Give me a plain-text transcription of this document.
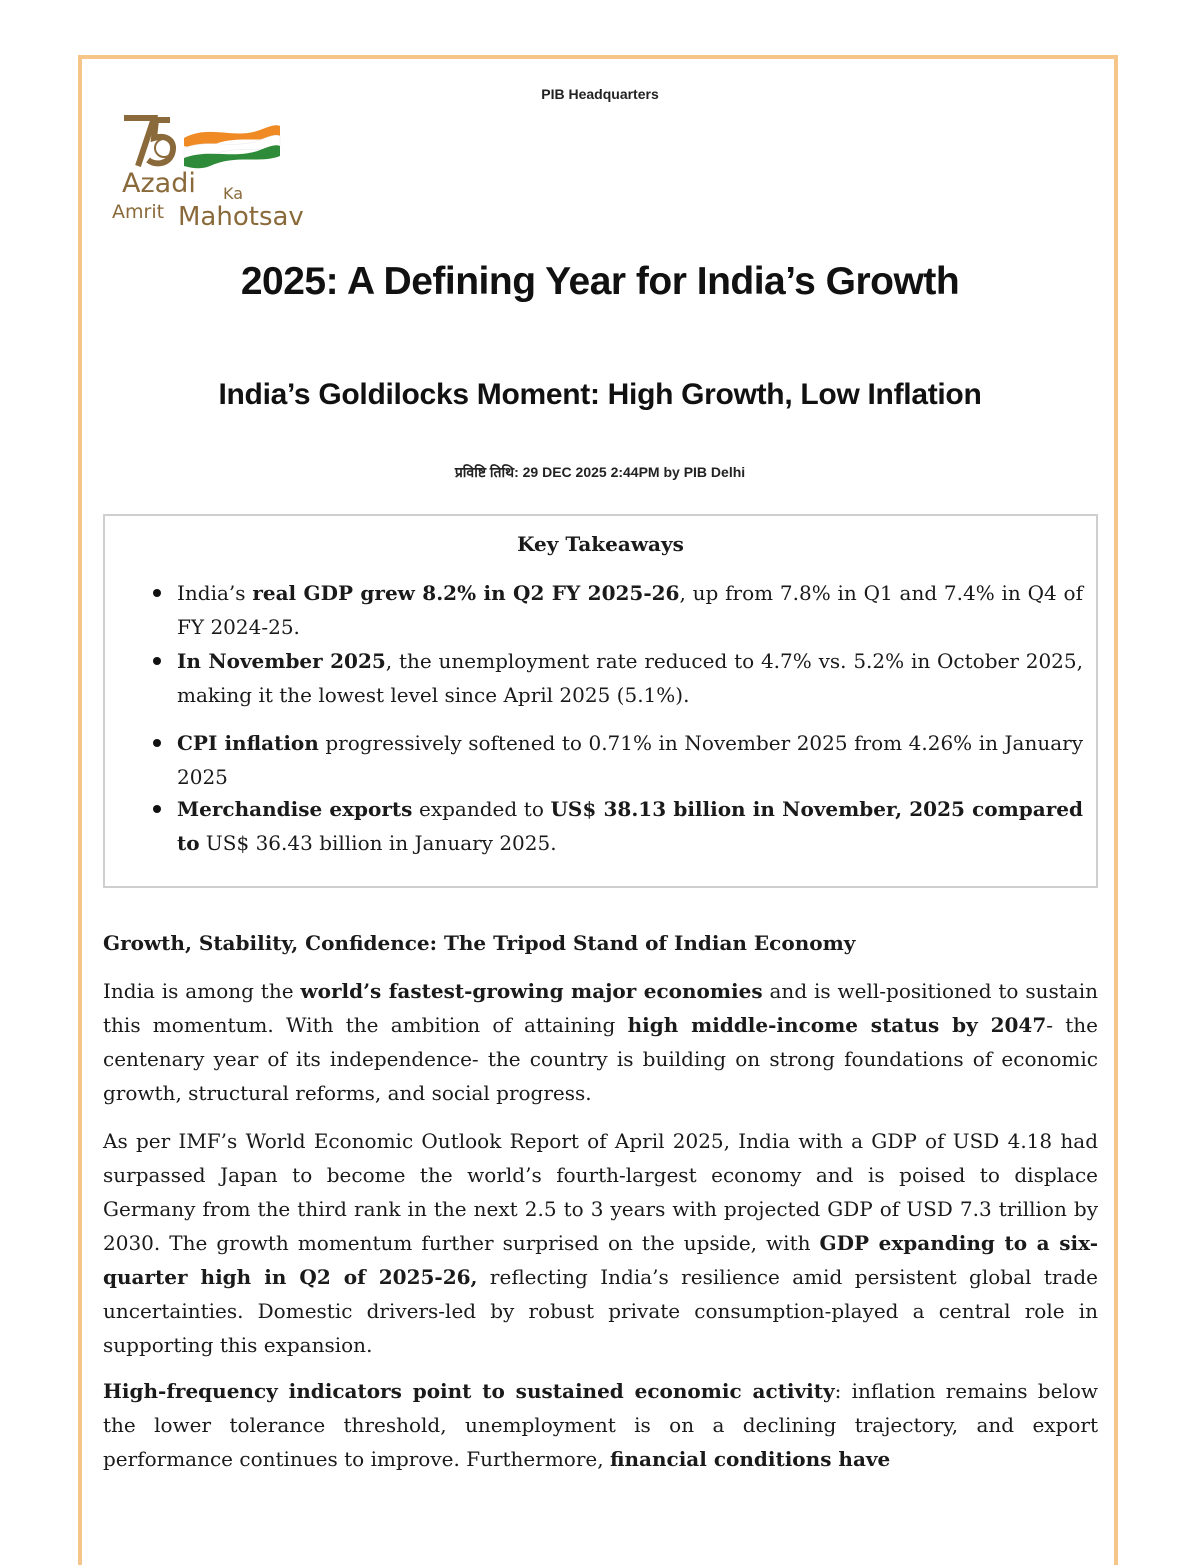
PIB Headquarters
Azadi Ka
Amrit Mahotsav
2025: A Defining Year for India’s Growth
India’s Goldilocks Moment: High Growth, Low Inflation
प्रविष्टि तिथि: 29 DEC 2025 2:44PM by PIB Delhi
Key Takeaways
India’s real GDP grew 8.2% in Q2 FY 2025-26, up from 7.8% in Q1 and 7.4% in Q4 of FY 2024-25.
In November 2025, the unemployment rate reduced to 4.7% vs. 5.2% in October 2025, making it the lowest level since April 2025 (5.1%).
CPI inflation progressively softened to 0.71% in November 2025 from 4.26% in January 2025
Merchandise exports expanded to US$ 38.13 billion in November, 2025 compared to US$ 36.43 billion in January 2025.
Growth, Stability, Confidence: The Tripod Stand of Indian Economy
India is among the world’s fastest-growing major economies and is well-positioned to sustain this momentum. With the ambition of attaining high middle-income status by 2047- the centenary year of its independence- the country is building on strong foundations of economic growth, structural reforms, and social progress.
As per IMF’s World Economic Outlook Report of April 2025, India with a GDP of USD 4.18 had surpassed Japan to become the world’s fourth-largest economy and is poised to displace Germany from the third rank in the next 2.5 to 3 years with projected GDP of USD 7.3 trillion by 2030. The growth momentum further surprised on the upside, with GDP expanding to a six-quarter high in Q2 of 2025-26, reflecting India’s resilience amid persistent global trade uncertainties. Domestic drivers-led by robust private consumption-played a central role in supporting this expansion.
High-frequency indicators point to sustained economic activity: inflation remains below the lower tolerance threshold, unemployment is on a declining trajectory, and export performance continues to improve. Furthermore, financial conditions have
